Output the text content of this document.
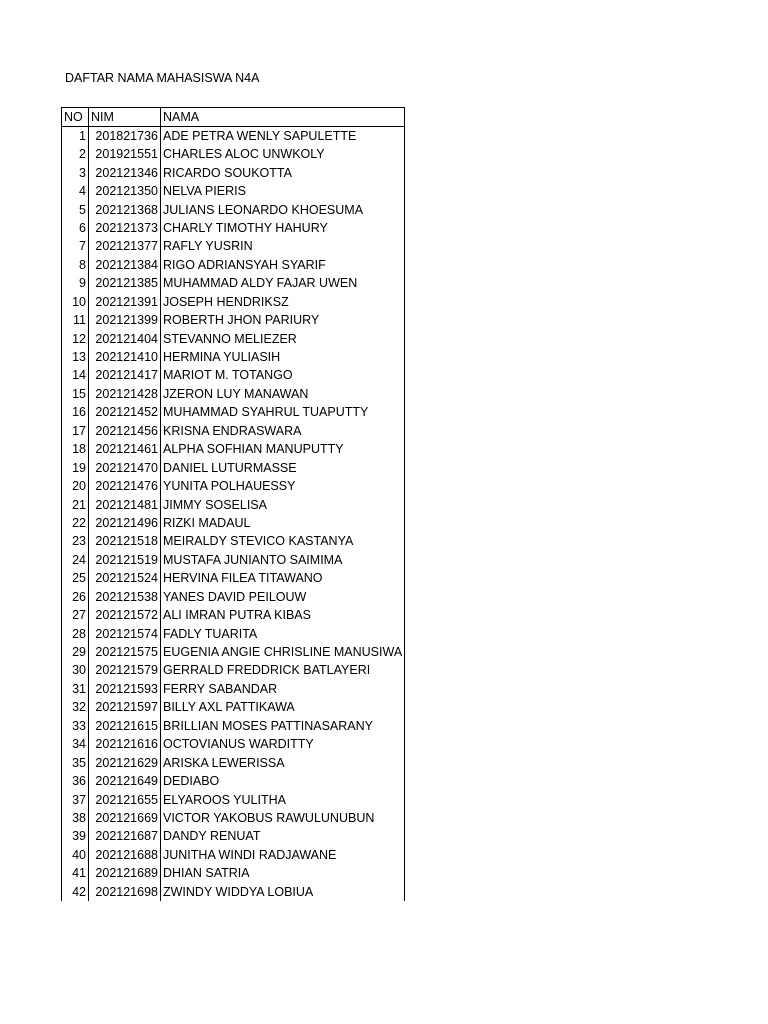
DAFTAR NAMA MAHASISWA N4A
NO	NIM	NAMA
1	201821736	ADE PETRA WENLY SAPULETTE
2	201921551	CHARLES ALOC UNWKOLY
3	202121346	RICARDO SOUKOTTA
4	202121350	NELVA PIERIS
5	202121368	JULIANS LEONARDO KHOESUMA
6	202121373	CHARLY TIMOTHY HAHURY
7	202121377	RAFLY YUSRIN
8	202121384	RIGO ADRIANSYAH SYARIF
9	202121385	MUHAMMAD ALDY FAJAR UWEN
10	202121391	JOSEPH HENDRIKSZ
11	202121399	ROBERTH JHON PARIURY
12	202121404	STEVANNO MELIEZER
13	202121410	HERMINA YULIASIH
14	202121417	MARIOT M. TOTANGO
15	202121428	JZERON LUY MANAWAN
16	202121452	MUHAMMAD SYAHRUL TUAPUTTY
17	202121456	KRISNA ENDRASWARA
18	202121461	ALPHA SOFHIAN MANUPUTTY
19	202121470	DANIEL LUTURMASSE
20	202121476	YUNITA POLHAUESSY
21	202121481	JIMMY SOSELISA
22	202121496	RIZKI MADAUL
23	202121518	MEIRALDY STEVICO KASTANYA
24	202121519	MUSTAFA JUNIANTO SAIMIMA
25	202121524	HERVINA FILEA TITAWANO
26	202121538	YANES DAVID PEILOUW
27	202121572	ALI IMRAN PUTRA KIBAS
28	202121574	FADLY TUARITA
29	202121575	EUGENIA ANGIE CHRISLINE MANUSIWA
30	202121579	GERRALD FREDDRICK BATLAYERI
31	202121593	FERRY SABANDAR
32	202121597	BILLY AXL PATTIKAWA
33	202121615	BRILLIAN MOSES PATTINASARANY
34	202121616	OCTOVIANUS WARDITTY
35	202121629	ARISKA LEWERISSA
36	202121649	DEDIABO
37	202121655	ELYAROOS YULITHA
38	202121669	VICTOR YAKOBUS RAWULUNUBUN
39	202121687	DANDY RENUAT
40	202121688	JUNITHA WINDI RADJAWANE
41	202121689	DHIAN SATRIA
42	202121698	ZWINDY WIDDYA LOBIUA
